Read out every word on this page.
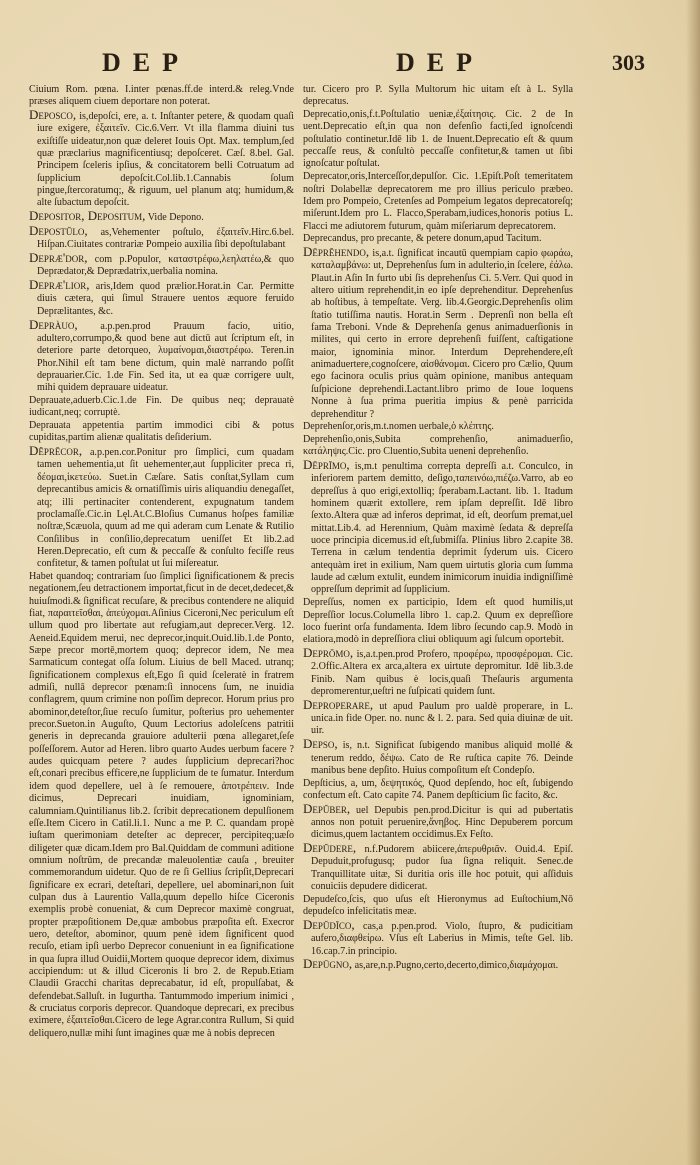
DEP	DEP	303

Ciuium Rom. pœna. I.inter pœnas.ff.de interd.& releg.Vnde præses aliquem ciuem deportare non poterat.

Depoſco, is,depoſci, ere, a. t. Inſtanter petere, & quodam quaſi iure exigere, ἐξαιτεῖν. Cic.6.Verr. Vt illa flamma diuini tus exiſtiſſe uideatur,non quæ deleret Iouis Opt. Max. templum,ſed quæ præclarius magnificentiusq; depoſceret. Cæſ. 8.bel. Gal. Principem ſceleris ipſius, & concitatorem belli Cotruatum ad ſupplicium depoſcit.Col.lib.1.Cannabis ſolum pingue,ſtercoratumq;, & riguum, uel planum atq; humidum,& alte ſubactum depoſcit.

Depoſitor, Depoſitum, Vide Depono.

Depoſtŭlo, as,Vehementer poſtulo, ἐξαιτεῖν.Hirc.6.bel. Hiſpan.Ciuitates contrariæ Pompeio auxilia ſibi depoſtulabant

Depræ'dor, com p.Populor, καταστρέφω,λεηλατέω,& quo Deprædator,& Deprædatrix,uerbalia nomina.

Depræ'lior, aris,Idem quod prælior.Horat.in Car. Permitte diuis cætera, qui ſimul Strauere uentos æquore feruido Deprælitantes, &c.

Depràuo, a.p.pen.prod Prauum facio, uitio, adultero,corrumpo,& quod bene aut dictū aut ſcriptum eſt, in deteriore parte detorqueo, λυμαίνομαι,διαστρέφω. Teren.in Phor.Nihil eſt tam bene dictum, quin malè narrando poſſit deprauarier.Cic. 1.de Fin. Sed ita, ut ea quæ corrigere uult, mihi quidem deprauare uideatur.

Deprauate,aduerb.Cic.1.de Fin. De quibus neq; deprauatè iudicant,neq; corruptè.

Deprauata appetentia partim immodici cibi & potus cupiditas,partim alienæ qualitatis deſiderium.

Dĕprĕcor, a.p.pen.cor.Ponitur pro ſimplici, cum quadam tamen uehementia,ut ſit uehementer,aut ſuppliciter preca ri, δέομαι,ἱκετεύω. Suet.in Cæſare. Satis conſtat,Syllam cum deprecantibus amicis & ornatiſſimis uiris aliquandiu denegaſſet, atq; illi pertinaciter contenderent, expugnatum tandem proclamaſſe.Cic.in Lęl.At.C.Bloſius Cumanus hoſpes familiæ noſtræ,Scæuola, quum ad me qui aderam cum Lenate & Rutilio Conſilibus in conſilio,deprecatum ueniſſet Et lib.2.ad Heren.Deprecatio, eſt cum & peccaſſe & conſulto feciſſe reus confitetur, & tamen poſtulat ut ſui miſereatur.

Habet quandoq; contrariam ſuo ſimplici ſignificationem & precis negationem,ſeu detractionem importat,ficut in de decet,dedecet,& huiuſmodi.& ſignificat recuſare, & precibus contendere ne aliquid fiat, παραιτεῖσθαι, ἀπεύχομαι.Aſinius Ciceroni,Nec periculum eſt ullum quod pro libertate aut refugiam,aut deprecer.Verg. 12. Aeneid.Equidem merui, nec deprecor,inquit.Ouid.lib.1.de Ponto, Sæpe precor mortē,mortem quoq; deprecor idem, Ne mea Sarmaticum contegat oſſa ſolum. Liuius de bell Maced. utranq; ſignificationem complexus eſt,Ego ſi quid ſceleratè in fratrem admiſi, nullā deprecor pœnam:ſi innocens ſum, ne inuidia conflagrem, quum crimine non poſſim deprecor. Horum prius pro abominor,deteſtor,ſiue recuſo ſumitur, poſterius pro uehementer precor.Sueton.in Auguſto, Quum Lectorius adoleſcens patritii generis in deprecanda grauiore adulterii pœna allegaret,ſeſe poſſeſſorem. Autor ad Heren. libro quarto Audes uerbum facere ? audes quicquam petere ? audes ſupplicium deprecari?hoc eſt,conari precibus efficere,ne ſupplicium de te ſumatur. Interdum idem quod depellere, uel à ſe remouere, ἀποτρέπειν. Inde dicimus, Deprecari inuidiam, ignominiam, calumniam.Quintilianus lib.2. ſcribit deprecationem depulſionem eſſe.Item Cicero in Catil.li.1. Nunc a me P. C. quandam propè iuſtam querimoniam deteſter ac deprecer, percipiteq;uæſo diligeter quæ dicam.Idem pro Bal.Quiddam de communi aditione omnium noſtrûm, de precandæ maleuolentiæ cauſa , breuiter commemorandum uidetur. Quo de re ſi Gellius ſcripſit,Deprecari ſignificare ex ecrari, deteſtari, depellere, uel abominari,non ſuit culpan dus à Laurentio Valla,quum depello hiſce Ciceronis exemplis probè conueniat, & cum Deprecor maximè congruat, propter præpoſitionem De,quæ ambobus præpoſita eſt. Execror uero, deteſtor, abominor, quum penè idem ſignificent quod recuſo, etiam ipſi uerbo Deprecor conueniunt in ea ſignificatione in qua ſupra illud Ouidii,Mortem quoque deprecor idem, diximus accipiendum: ut & illud Ciceronis li bro 2. de Repub.Etiam Claudii Gracchi charitas deprecabatur, id eſt, propulſabat, & defendebat.Salluſt. in Iugurtha. Tantummodo imperium inimici , & cruciatus corporis deprecor. Quandoque deprecari, ex precibus eximere, ἐξαιτεῖσθαι.Cicero de lege Agrar.contra Rullum, Si quid deliquero,nullæ mihi ſunt imagines quæ me à nobis deprecen

tur. Cicero pro P. Sylla Multorum hic uitam eſt à L. Sylla deprecatus.

Deprecatio,onis,f.t.Poſtulatio ueniæ,ἐξαίτησις. Cic. 2 de In uent.Deprecatio eſt,in qua non defenſio facti,ſed ignoſcendi poſtulatio continetur.Idē lib 1. de Inuent.Deprecatio eſt & quum peccaſſe reus, & conſultò peccaſſe confitetur,& tamen ut ſibi ignoſcatur poſtulat.

Deprecator,oris,Interceſſor,depulſor. Cic. 1.Epiſt.Poſt temeritatem noſtri Dolabellæ deprecatorem me pro illius periculo præbeo. Idem pro Pompeio, Cretenſes ad Pompeium legatos deprecatoreſq; miſerunt.Idem pro L. Flacco,Sperabam,iudices,honoris potius L. Flacci me adiutorem futurum, quàm miſeriarum deprecatorem.

Deprecandus, pro precante, & petere donum,apud Tacitum.

Dēprĕhendo, is,a.t. ſignificat incautū quempiam capio φωράω, καταλαμβάνω: ut, Deprehenſus ſum in adulterio,in ſcelere, ἐάλω. Plaut.in Aſin In furto ubi ſis deprehenſus Ci. 5.Verr. Qui quod in altero uitium reprehendit,in eo ipſe deprehenditur. Deprehenſus ab hoſtibus, à tempeſtate. Verg. lib.4.Georgic.Deprehenſis olim ſtatio tutiſſima nautis. Horat.in Serm . Deprenſi non bella eſt fama Treboni. Vnde & Deprehenſa genus animaduerſionis in milites, qui certo in errore deprehenſi fuiſſent, caſtigatione maior, ignominia minor. Interdum Deprehendere,eſt animaduertere,cognoſcere, αἰσθάνομαι. Cicero pro Cælio, Quum ego facinora oculis prius quàm opinione, manibus antequam ſuſpicione deprehendi.Lactant.libro primo de Ioue loquens Nonne à ſua prima pueritia impius & penè parricida deprehenditur ?

Deprehenſor,oris,m.t.nomen uerbale,ὁ κλέπτης.

Deprehenſio,onis,Subita comprehenſio, animaduerſio, κατάληψις.Cic. pro Cluentio,Subita ueneni deprehenſio.

Dēprĭmo, is,m.t penultima correpta depreſſi a.t. Conculco, in inferiorem partem demitto, deſigo,ταπεινόω,πιέζω.Varro, ab eo depreſſus à quo erigi,extolliq; ſperabam.Lactant. lib. 1. Itadum hominem quærit extollere, rem ipſam depreſſit. Idē libro ſexto.Altera quæ ad inferos deprimat, id eſt, deorſum premat,uel mittat.Lib.4. ad Herennium, Quàm maximè ſedata & depreſſa uoce principia dicemus.id eſt,ſubmiſſa. Plinius libro 2.capite 38. Terrena in cælum tendentia deprimit ſyderum uis. Cicero antequàm iret in exilium, Nam quem uirtutis gloria cum ſumma laude ad cælum extulit, eundem inimicorum inuidia indigniſſimè oppreſſum deprimit ad ſupplicium.

Depreſſus, nomen ex participio, Idem eſt quod humilis,ut Depreſſior locus.Columella libro 1. cap.2. Quum ex depreſſiore loco fuerint orſa fundamenta. Idem libro ſecundo cap.9. Modò in elatiora,modò in depreſſiora cliui obliquum agi ſulcum oportebit.

Deprōmo, is,a.t.pen.prod Profero, προφέρω, προσφέρομαι. Cic. 2.Offic.Altera ex arca,altera ex uirtute depromitur. Idē lib.3.de Finib. Nam quibus è locis,quaſi Theſauris argumenta depromerentur,ueſtri ne ſuſpicati quidem ſunt.

Deproperare, ut apud Paulum pro ualdè properare, in L. unica.in fide Oper. no. nunc & l. 2. para. Sed quia diuinæ de uit. uir.

Depſo, is, n.t. Significat ſubigendo manibus aliquid mollé & tenerum reddo, δέψω. Cato de Re ruſtica capite 76. Deinde manibus bene depſito. Huius compoſitum eſt Condepſo.

Depſticius, a, um, δεψητικός, Quod depſendo, hoc eſt, ſubigendo confectum eſt. Cato capite 74. Panem depſticium ſic facito, &c.

Depŭber, uel Depubis pen.prod.Dicitur is qui ad pubertatis annos non potuit peruenire,ἄνηβος. Hinc Depuberem porcum dicimus,quem lactantem occidimus.Ex Feſto.

Depŭdere, n.f.Pudorem abiicere,ἀπερυθριᾶν. Ouid.4. Epiſ. Depuduit,profugusq; pudor ſua ſigna reliquit. Senec.de Tranquillitate uitæ, Si duritia oris ille hoc potuit, qui aſſiduis conuiciis depudere didicerat.

Depudeſco,ſcis, quo uſus eſt Hieronymus ad Euſtochium,Nō depudeſco infelicitatis meæ.

Depŭdīco, cas,a p.pen.prod. Violo, ſtupro, & pudicitiam aufero,διαφθείρω. Vſus eſt Laberius in Mimis, teſte Gel. lib. 16.cap.7.in principio.

Depūgno, as,are,n.p.Pugno,certo,decerto,dimico,διαμάχομαι.
